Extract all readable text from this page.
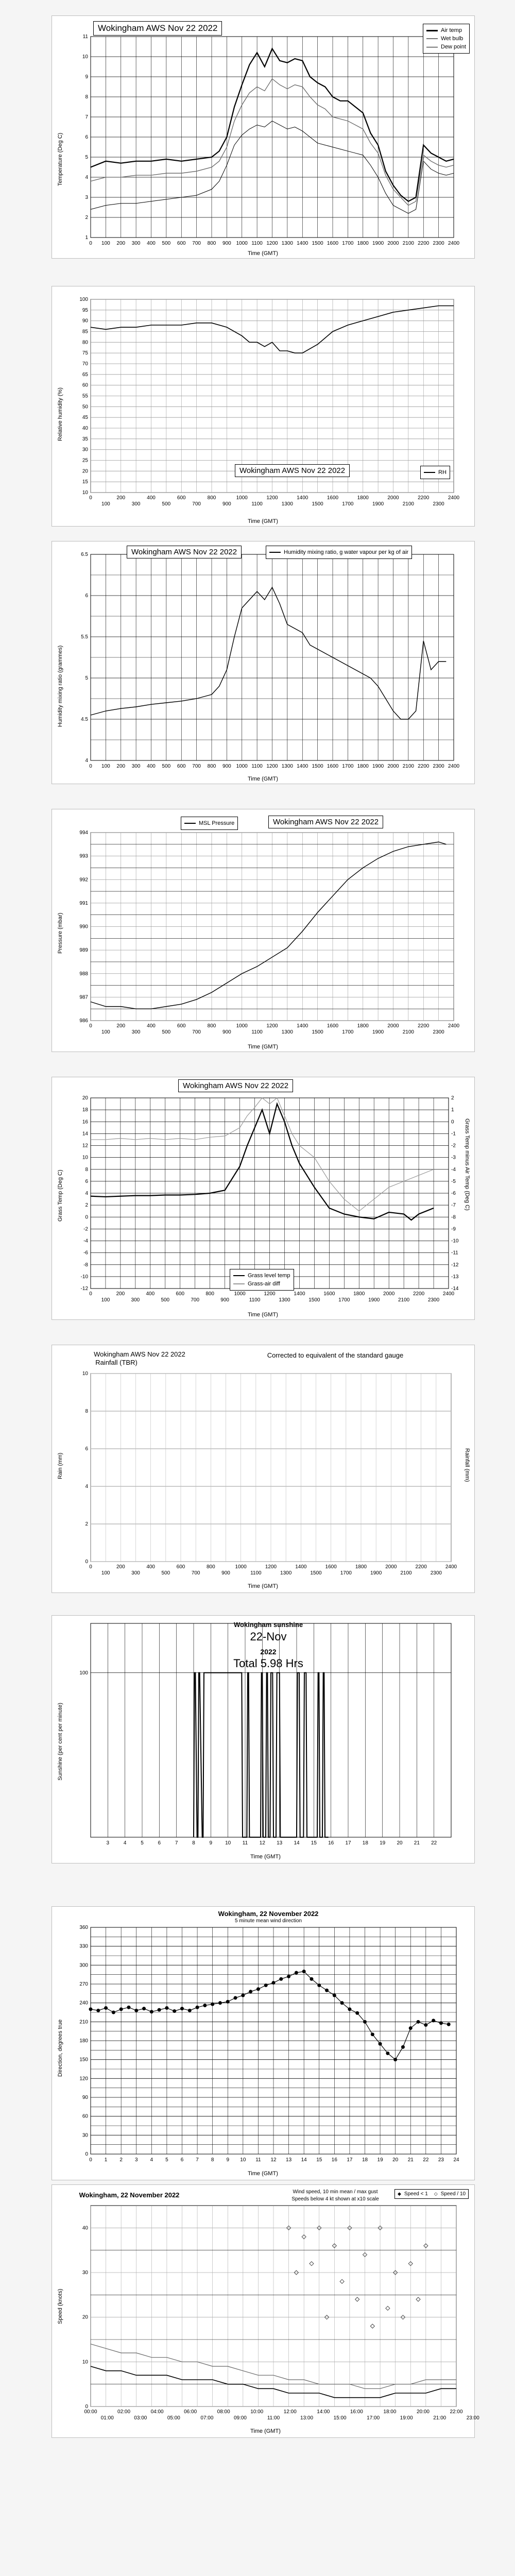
0 100 200 300 400 500 600 700 800 900 1000 1100 1200 1300 1400 1500 1600 1700 1800 1900 2000 2100 2200 2300 2400
1
2
3
4
5
6
7
8
9
10
11
Wokingham AWS Nov 22 2022	Air temp
Wet bulb
Dew point
Temperature (Deg C)
Time (GMT)
0	200	400	600	800	1000	1200	1400	1600	1800	2000	2200	2400
100	300	500	700	900	1100	1300	1500	1700	1900	2100	2300
10
15
20
25
30
35
40
45
50
55
60
65
70
75
80
85
90
95
100
Wokingham AWS Nov 22 2022	RH
Relative humidity (%)
Time (GMT)
0 100 200 300 400 500 600 700 800 900 1000 1100 1200 1300 1400 1500 1600 1700 1800 1900 2000 2100 2200 2300 2400
4
4.5
5
5.5
6
6.5	Wokingham AWS Nov 22 2022	Humidity mixing ratio, g water vapour per kg of air
Humidity mixing ratio (grammes)
Time (GMT)
0	200	400	600	800	1000	1200	1400	1600	1800	2000	2200	2400
100	300	500	700	900	1100	1300	1500	1700	1900	2100	2300
986
987
988
989
990
991
992
993
994
Wokingham AWS Nov 22 2022
MSL Pressure
Pressure (mbar)
Time (GMT)
0	200	400	600	800	1000	1200	1400	1600	1800	2000	2200	2400
100	300	500	700	900	1100	1300	1500	1700	1900	2100	2300
-12
-10
-8
-6
-4
-2
0
2
4
6
8
10
12
14
16
18
20	2
1
0
-1
-2
-3
-4
-5
-6
-7
-8
-9
-10
-11
-12
-13
-14
Wokingham AWS Nov 22 2022
Grass level temp
Grass-air diff
Grass Temp (Deg C)	Grass Temp minus Air Temp (Deg C)
Time (GMT)
0	200	400	600	800	1000	1200	1400	1600	1800	2000	2200	2400
100	300	500	700	900	1100	1300	1500	1700	1900	2100	2300
0
2
4
6
8
10
Wokingham AWS Nov 22 2022
Rainfall (TBR)
Corrected to equivalent of the standard gauge
Rain (mm)	Rainfall (mm)
Time (GMT)
3	4	5	6	7	8	9 10 11 12 13 14 15 16 17 18 19 20 21 22
100
Wokingham sunshine
22-Nov
2022
Total 5.98 Hrs
Sunshine (per cent per minute)
Time (GMT)
0 1 2 3 4 5 6 7 8 9 10 11 12 13 14 15 16 17 18 19 20 21 22 23 24
0
30
60
90
120
150
180
210
240
270
300
330
360
Wokingham, 22 November 2022
5 minute mean wind direction
Direction, degrees true
Time (GMT)
00:00	02:00	04:00	06:00	08:00	10:00	12:00	14:00	16:00	18:00	20:00	22:00
01:00	03:00	05:00	07:00	09:00	11:00	13:00	15:00	17:00	19:00	21:00	23:00
0
10
20
30
40
Wokingham, 22 November 2022	Wind speed, 10 min mean / max gust
Speeds below 4 kt shown at x10 scale
◆ Speed < 1 ◇ Speed / 10
Speed (knots)
Time (GMT)
